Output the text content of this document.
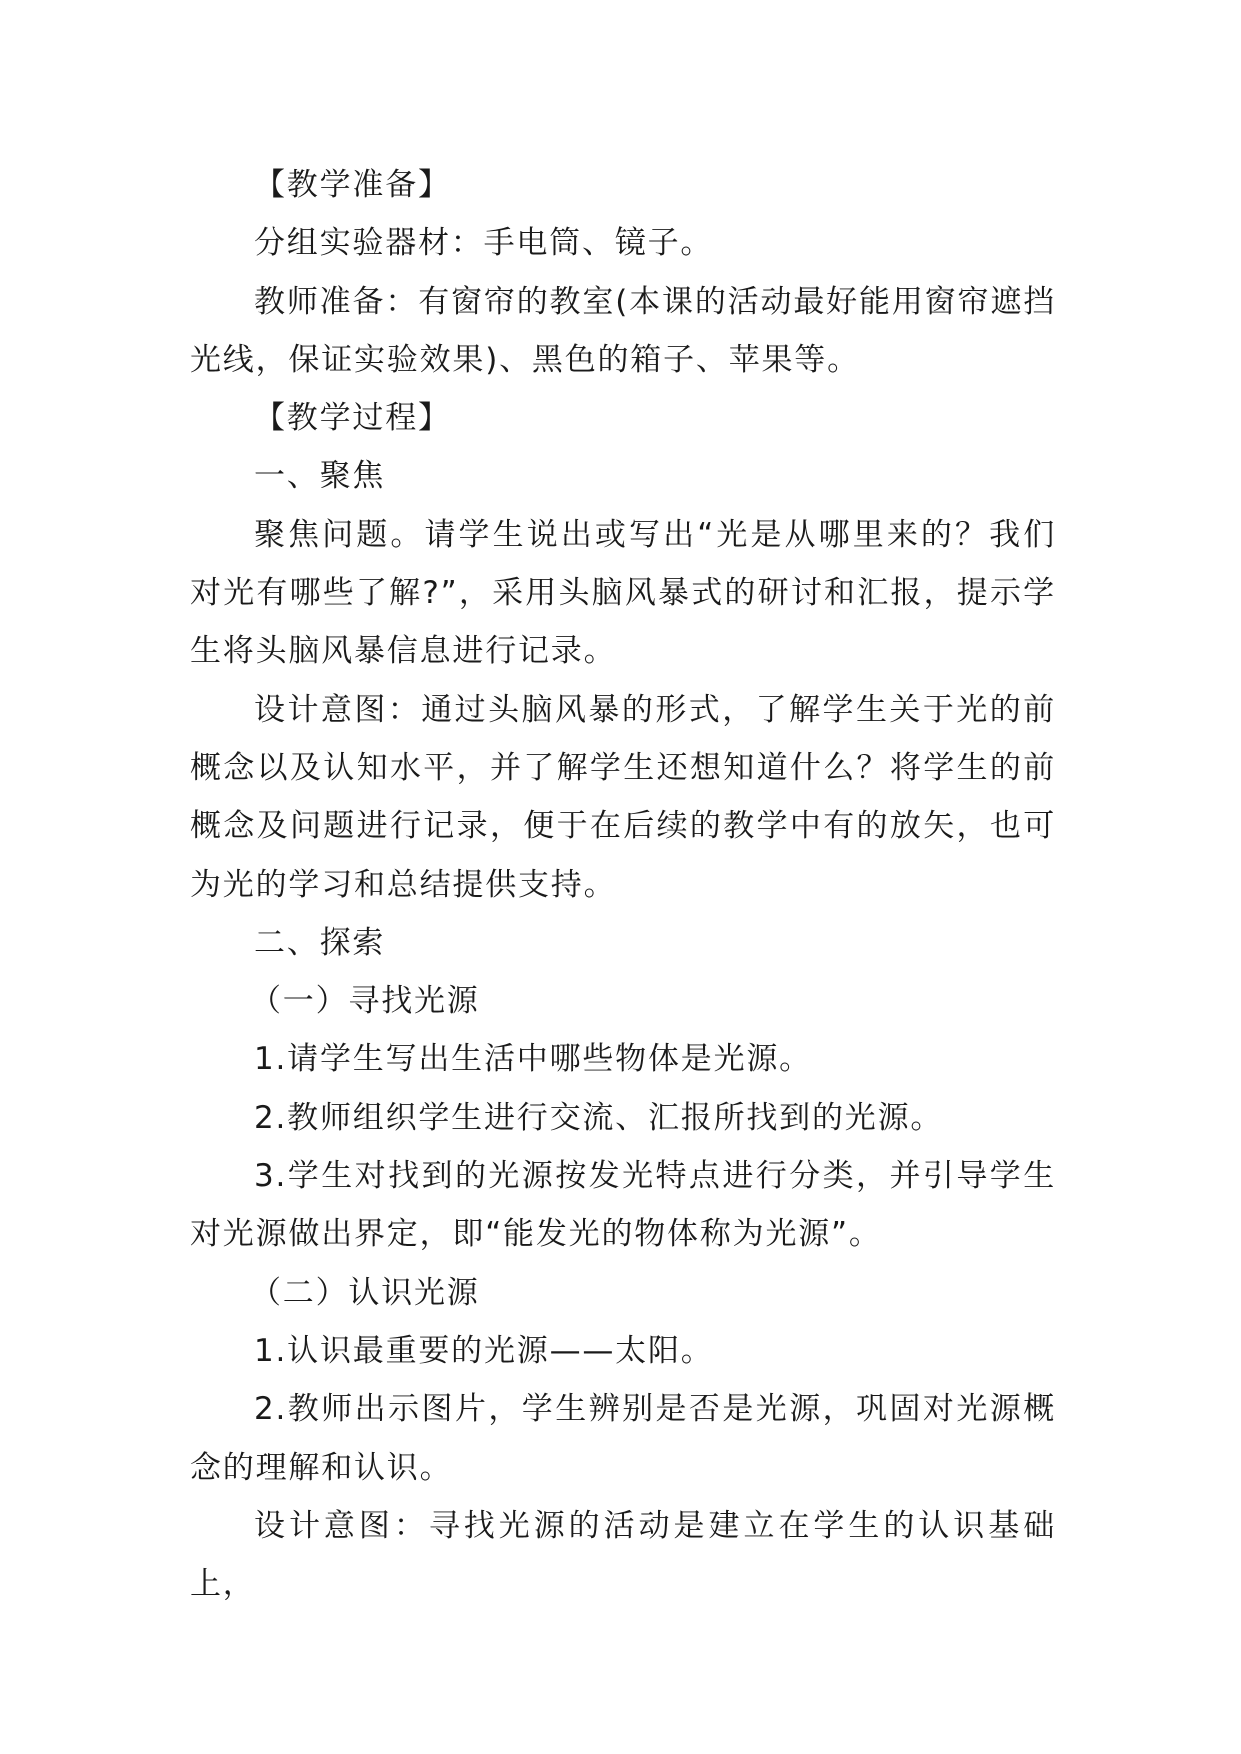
【教学准备】

分组实验器材：手电筒、镜子。

教师准备：有窗帘的教室(本课的活动最好能用窗帘遮挡光线，保证实验效果)、黑色的箱子、苹果等。

【教学过程】

一、聚焦

聚焦问题。请学生说出或写出“光是从哪里来的？我们对光有哪些了解?”，采用头脑风暴式的研讨和汇报，提示学生将头脑风暴信息进行记录。

设计意图：通过头脑风暴的形式，了解学生关于光的前概念以及认知水平，并了解学生还想知道什么？将学生的前概念及问题进行记录，便于在后续的教学中有的放矢，也可为光的学习和总结提供支持。

二、探索

（一）寻找光源

1.请学生写出生活中哪些物体是光源。

2.教师组织学生进行交流、汇报所找到的光源。

3.学生对找到的光源按发光特点进行分类，并引导学生对光源做出界定，即“能发光的物体称为光源”。

（二）认识光源

1.认识最重要的光源——太阳。

2.教师出示图片，学生辨别是否是光源，巩固对光源概念的理解和认识。

设计意图：寻找光源的活动是建立在学生的认识基础上，
